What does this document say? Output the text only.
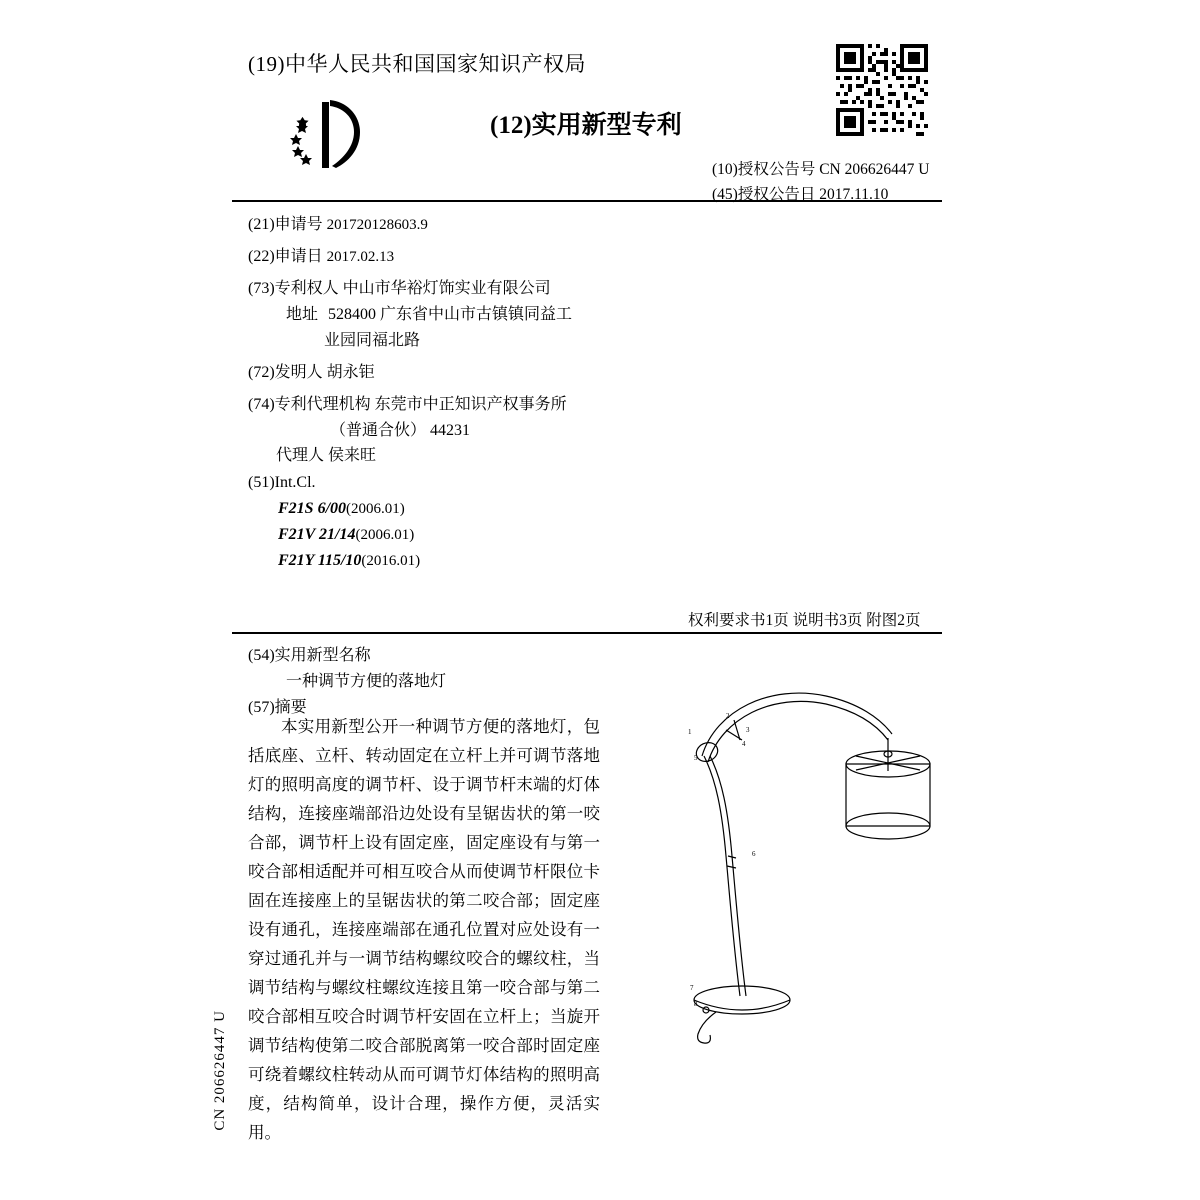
(19)中华人民共和国国家知识产权局
(12)实用新型专利
(10)授权公告号 CN 206626447 U
(45)授权公告日 2017.11.10
(21)申请号 201720128603.9
(22)申请日 2017.02.13
(73)专利权人 中山市华裕灯饰实业有限公司
地址 528400 广东省中山市古镇镇同益工
业园同福北路
(72)发明人 胡永钜
(74)专利代理机构 东莞市中正知识产权事务所
（普通合伙） 44231
代理人 侯来旺
(51)Int.Cl.
F21S 6/00(2006.01)
F21V 21/14(2006.01)
F21Y 115/10(2016.01)
权利要求书1页 说明书3页 附图2页
(54)实用新型名称
一种调节方便的落地灯
(57)摘要
本实用新型公开一种调节方便的落地灯，包括底座、立杆、转动固定在立杆上并可调节落地灯的照明高度的调节杆、设于调节杆末端的灯体结构，连接座端部沿边处设有呈锯齿状的第一咬合部，调节杆上设有固定座，固定座设有与第一咬合部相适配并可相互咬合从而使调节杆限位卡固在连接座上的呈锯齿状的第二咬合部；固定座设有通孔，连接座端部在通孔位置对应处设有一穿过通孔并与一调节结构螺纹咬合的螺纹柱，当调节结构与螺纹柱螺纹连接且第一咬合部与第二咬合部相互咬合时调节杆安固在立杆上；当旋开调节结构使第二咬合部脱离第一咬合部时固定座可绕着螺纹柱转动从而可调节灯体结构的照明高度，结构简单，设计合理，操作方便，灵活实用。
CN 206626447 U
1
2
3
4
5
6
7
8
